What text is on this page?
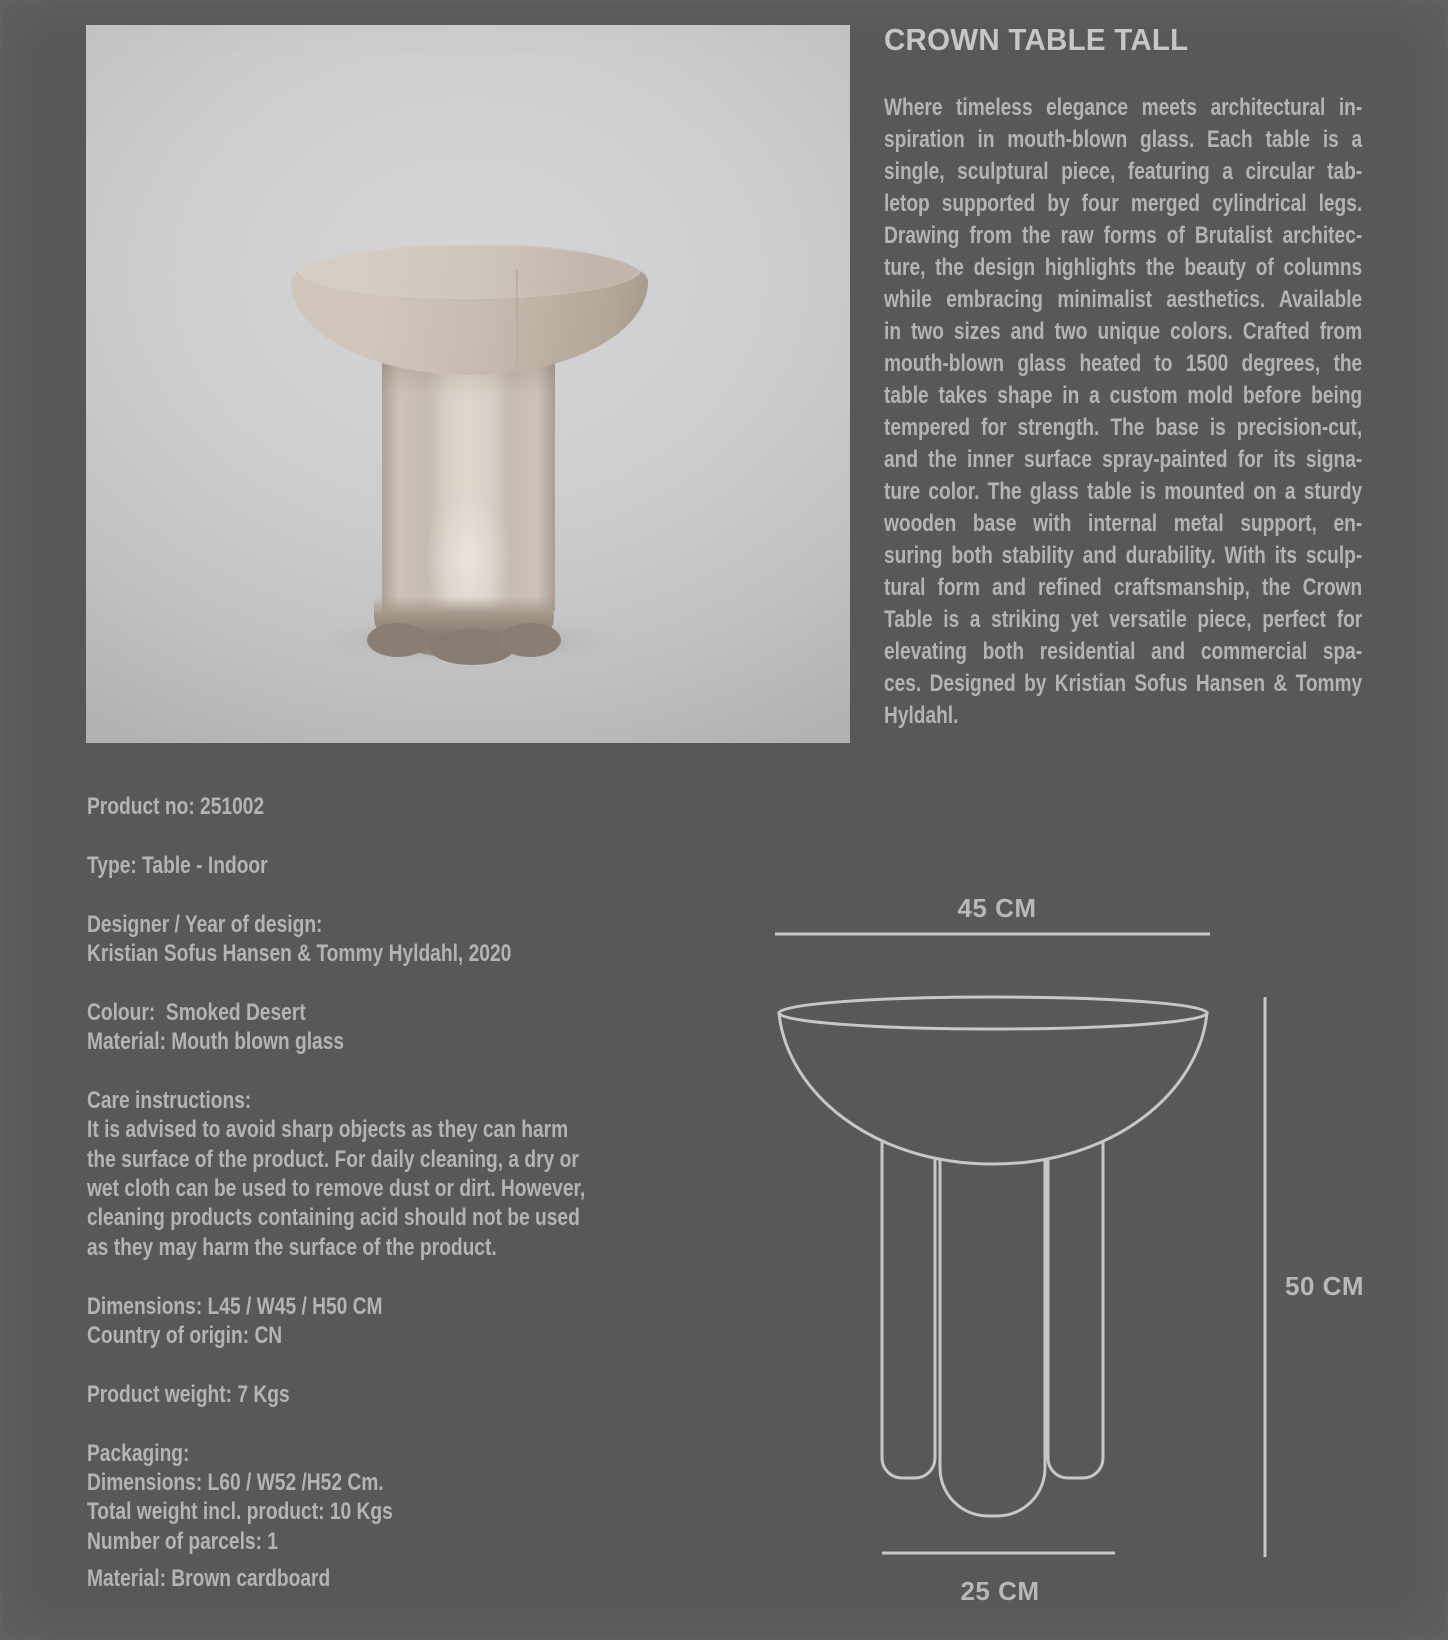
CROWN TABLE TALL
Where timeless elegance meets architectural in-
spiration in mouth-blown glass. Each table is a
single, sculptural piece, featuring a circular tab-
letop supported by four merged cylindrical legs.
Drawing from the raw forms of Brutalist architec-
ture, the design highlights the beauty of columns
while embracing minimalist aesthetics. Available
in two sizes and two unique colors. Crafted from
mouth-blown glass heated to 1500 degrees, the
table takes shape in a custom mold before being
tempered for strength. The base is precision-cut,
and the inner surface spray-painted for its signa-
ture color. The glass table is mounted on a sturdy
wooden base with internal metal support, en-
suring both stability and durability. With its sculp-
tural form and refined craftsmanship, the Crown
Table is a striking yet versatile piece, perfect for
elevating both residential and commercial spa-
ces. Designed by Kristian Sofus Hansen & Tommy
Hyldahl.
Product no: 251002
Type: Table - Indoor
Designer / Year of design:
Kristian Sofus Hansen & Tommy Hyldahl, 2020
Colour:  Smoked Desert
Material: Mouth blown glass
Care instructions:
It is advised to avoid sharp objects as they can harm
the surface of the product. For daily cleaning, a dry or
wet cloth can be used to remove dust or dirt. However,
cleaning products containing acid should not be used
as they may harm the surface of the product.
Dimensions: L45 / W45 / H50 CM
Country of origin: CN
Product weight: 7 Kgs
Packaging:
Dimensions: L60 / W52 /H52 Cm.
Total weight incl. product: 10 Kgs
Number of parcels: 1
Material: Brown cardboard
45 CM
50 CM
25 CM
